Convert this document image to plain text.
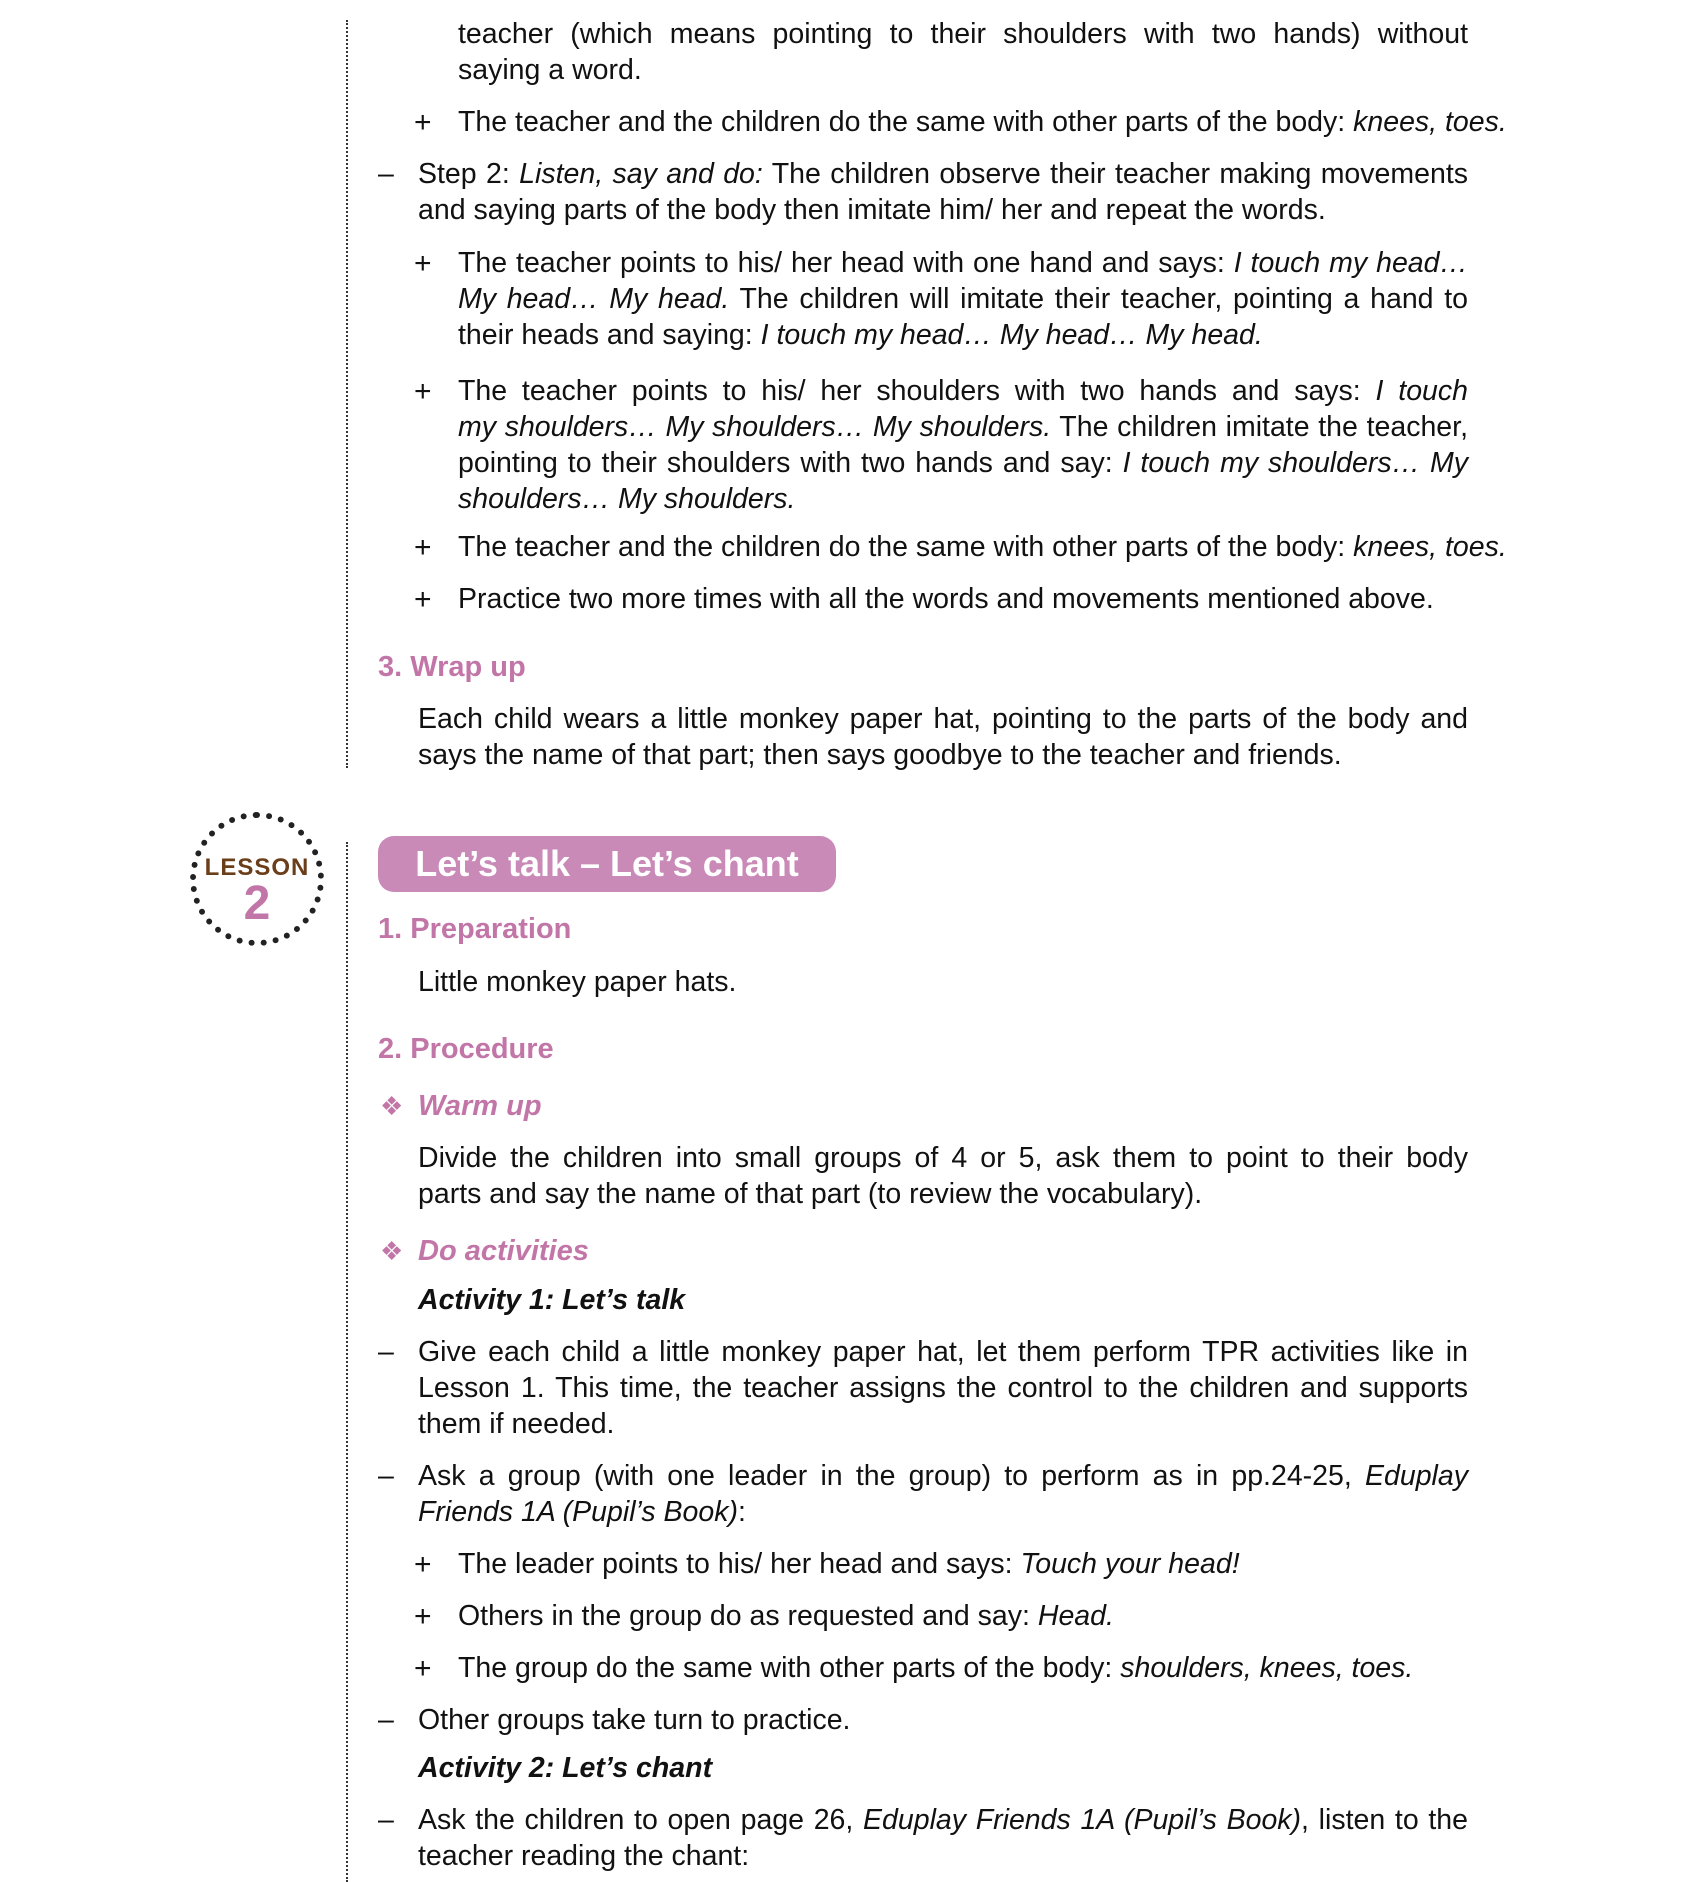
teacher (which means pointing to their shoulders with two hands) without
saying a word.
+ The teacher and the children do the same with other parts of the body: knees, toes.
– Step 2: Listen, say and do: The children observe their teacher making movements
and saying parts of the body then imitate him/ her and repeat the words.
+ The teacher points to his/ her head with one hand and says: I touch my head…
My head… My head. The children will imitate their teacher, pointing a hand to
their heads and saying: I touch my head… My head… My head.
+ The teacher points to his/ her shoulders with two hands and says: I touch
my shoulders… My shoulders… My shoulders. The children imitate the teacher,
pointing to their shoulders with two hands and say: I touch my shoulders… My
shoulders… My shoulders.
+ The teacher and the children do the same with other parts of the body: knees, toes.
+ Practice two more times with all the words and movements mentioned above.
3. Wrap up
Each child wears a little monkey paper hat, pointing to the parts of the body and
says the name of that part; then says goodbye to the teacher and friends.
LESSON
2
Let’s talk – Let’s chant
1. Preparation
Little monkey paper hats.
2. Procedure
❖ Warm up
Divide the children into small groups of 4 or 5, ask them to point to their body
parts and say the name of that part (to review the vocabulary).
❖ Do activities
Activity 1: Let’s talk
– Give each child a little monkey paper hat, let them perform TPR activities like in
Lesson 1. This time, the teacher assigns the control to the children and supports
them if needed.
– Ask a group (with one leader in the group) to perform as in pp.24-25, Eduplay
Friends 1A (Pupil’s Book):
+ The leader points to his/ her head and says: Touch your head!
+ Others in the group do as requested and say: Head.
+ The group do the same with other parts of the body: shoulders, knees, toes.
– Other groups take turn to practice.
Activity 2: Let’s chant
– Ask the children to open page 26, Eduplay Friends 1A (Pupil’s Book), listen to the
teacher reading the chant:
